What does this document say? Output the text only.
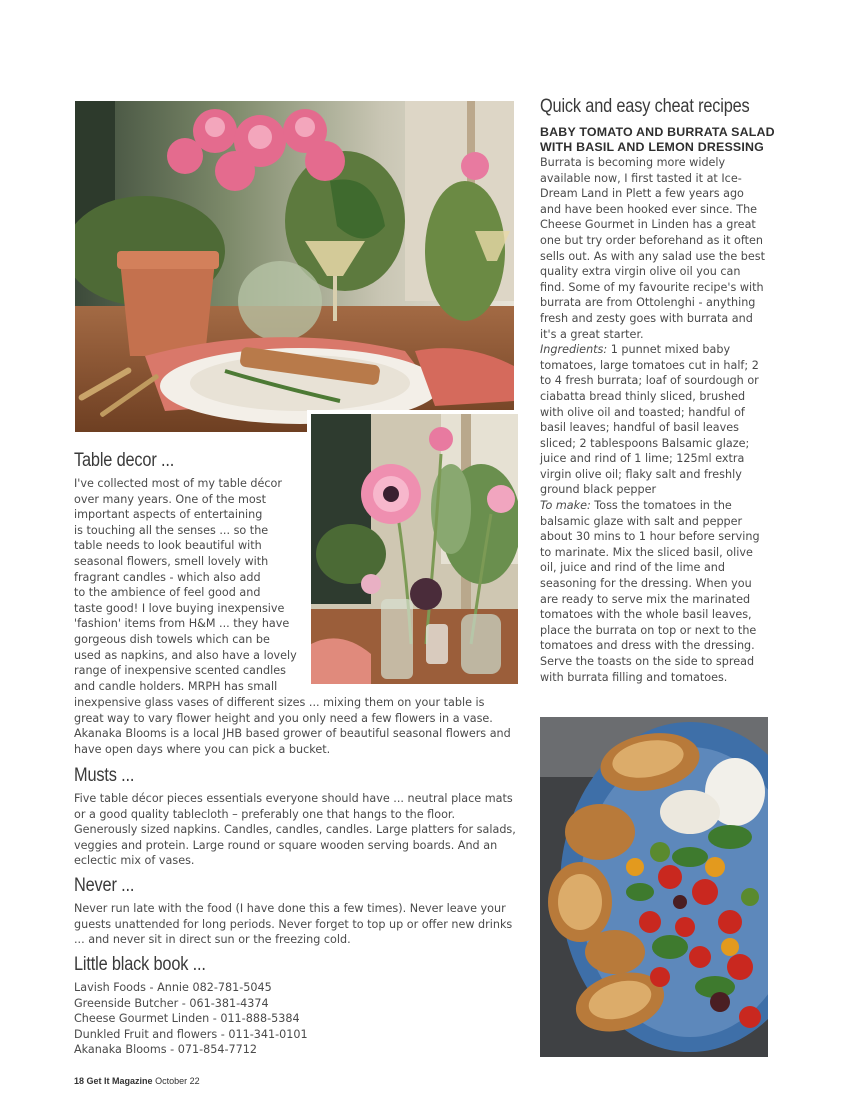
Quick and easy cheat recipes
BABY TOMATO AND BURRATA SALAD
WITH BASIL AND LEMON DRESSING
Burrata is becoming more widely available now, I first tasted it at Ice-Dream Land in Plett a few years ago and have been hooked ever since. The Cheese Gourmet in Linden has a great one but try order beforehand as it often sells out. As with any salad use the best quality extra virgin olive oil you can find. Some of my favourite recipe's with burrata are from Ottolenghi - anything fresh and zesty goes with burrata and it's a great starter.
Ingredients: 1 punnet mixed baby tomatoes, large tomatoes cut in half; 2 to 4 fresh burrata; loaf of sourdough or ciabatta bread thinly sliced, brushed with olive oil and toasted; handful of basil leaves; handful of basil leaves sliced; 2 tablespoons Balsamic glaze; juice and rind of 1 lime; 125ml extra virgin olive oil; flaky salt and freshly ground black pepper
To make: Toss the tomatoes in the balsamic glaze with salt and pepper about 30 mins to 1 hour before serving to marinate. Mix the sliced basil, olive oil, juice and rind of the lime and seasoning for the dressing. When you are ready to serve mix the marinated tomatoes with the whole basil leaves, place the burrata on top or next to the tomatoes and dress with the dressing. Serve the toasts on the side to spread with burrata filling and tomatoes.
Table decor ...
I've collected most of my table décor
over many years. One of the most
important aspects of entertaining
is touching all the senses ... so the
table needs to look beautiful with
seasonal flowers, smell lovely with
fragrant candles - which also add
to the ambience of feel good and
taste good! I love buying inexpensive
'fashion' items from H&M ... they have
gorgeous dish towels which can be
used as napkins, and also have a lovely
range of inexpensive scented candles
and candle holders. MRPH has small
inexpensive glass vases of different sizes ... mixing them on your table is great way to vary flower height and you only need a few flowers in a vase. Akanaka Blooms is a local JHB based grower of beautiful seasonal flowers and have open days where you can pick a bucket.
Musts ...
Five table décor pieces essentials everyone should have ... neutral place mats or a good quality tablecloth – preferably one that hangs to the floor. Generously sized napkins. Candles, candles, candles. Large platters for salads, veggies and protein. Large round or square wooden serving boards. And an eclectic mix of vases.
Never ...
Never run late with the food (I have done this a few times). Never leave your guests unattended for long periods. Never forget to top up or offer new drinks ... and never sit in direct sun or the freezing cold.
Little black book ...
Lavish Foods - Annie 082-781-5045
Greenside Butcher - 061-381-4374
Cheese Gourmet Linden - 011-888-5384
Dunkled Fruit and flowers - 011-341-0101
Akanaka Blooms - 071-854-7712
18 Get It Magazine October 22
